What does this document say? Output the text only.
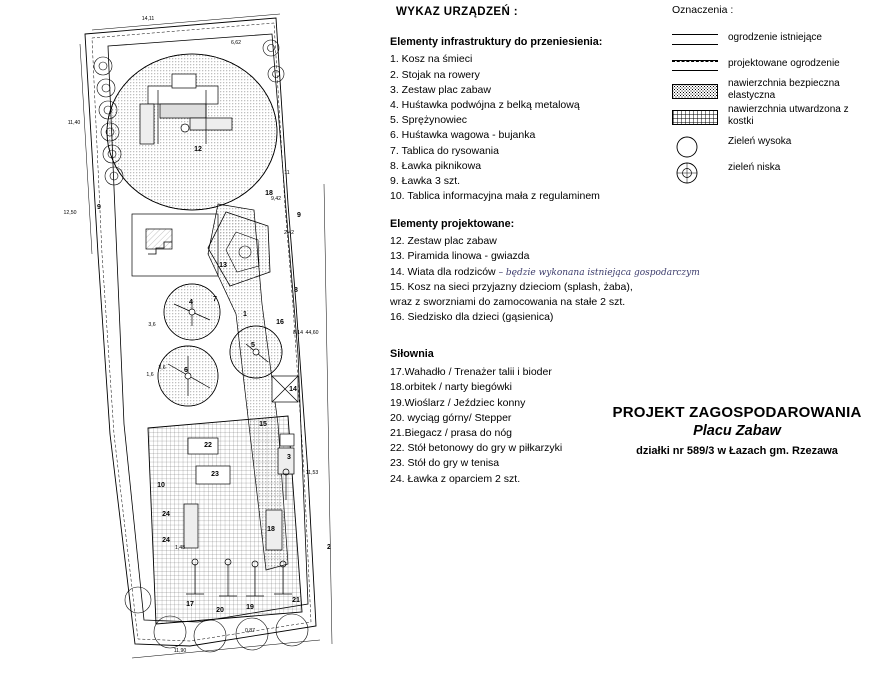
14,11
6,62
11,40
12,50
9,42
2,42
11
44,60
8,14
11,53
3,6
2,6
1,6
1,48
0,87
11,90
12
9
9
18
13
8
4	7
1
16
5
6
14
15
22
23
3
18
24
24
2
21
20
17	19
10
WYKAZ URZĄDZEŃ :
Elementy infrastruktury do przeniesienia:
1. Kosz na śmieci
2. Stojak na rowery
3. Zestaw plac zabaw
4. Huśtawka podwójna z belką metalową
5. Sprężynowiec
6. Huśtawka wagowa - bujanka
7. Tablica do rysowania
8. Ławka piknikowa
9. Ławka 3 szt.
10. Tablica informacyjna mała z regulaminem
Elementy projektowane:
12. Zestaw plac zabaw
13. Piramida linowa - gwiazda
14. Wiata dla rodziców – będzie wykonana istniejąca gospodarczym
15. Kosz na sieci przyjazny dzieciom (splash, żaba),
wraz z sworzniami do zamocowania na stałe 2 szt.
16. Siedzisko dla dzieci (gąsienica)
Siłownia
17.Wahadło / Trenażer talii i bioder
18.orbitek / narty biegówki
19.Wioślarz / Jeździec konny
20. wyciąg górny/ Stepper
21.Biegacz / prasa do nóg
22. Stół betonowy do gry w piłkarzyki
23. Stół do gry w tenisa
24. Ławka z oparciem 2 szt.
Oznaczenia :
ogrodzenie istniejące
projektowane ogrodzenie
nawierzchnia bezpieczna elastyczna
nawierzchnia utwardzona z kostki
Zieleń wysoka
zieleń niska
PROJEKT ZAGOSPODAROWANIA
Placu Zabaw
działki nr 589/3 w Łazach gm. Rzezawa
